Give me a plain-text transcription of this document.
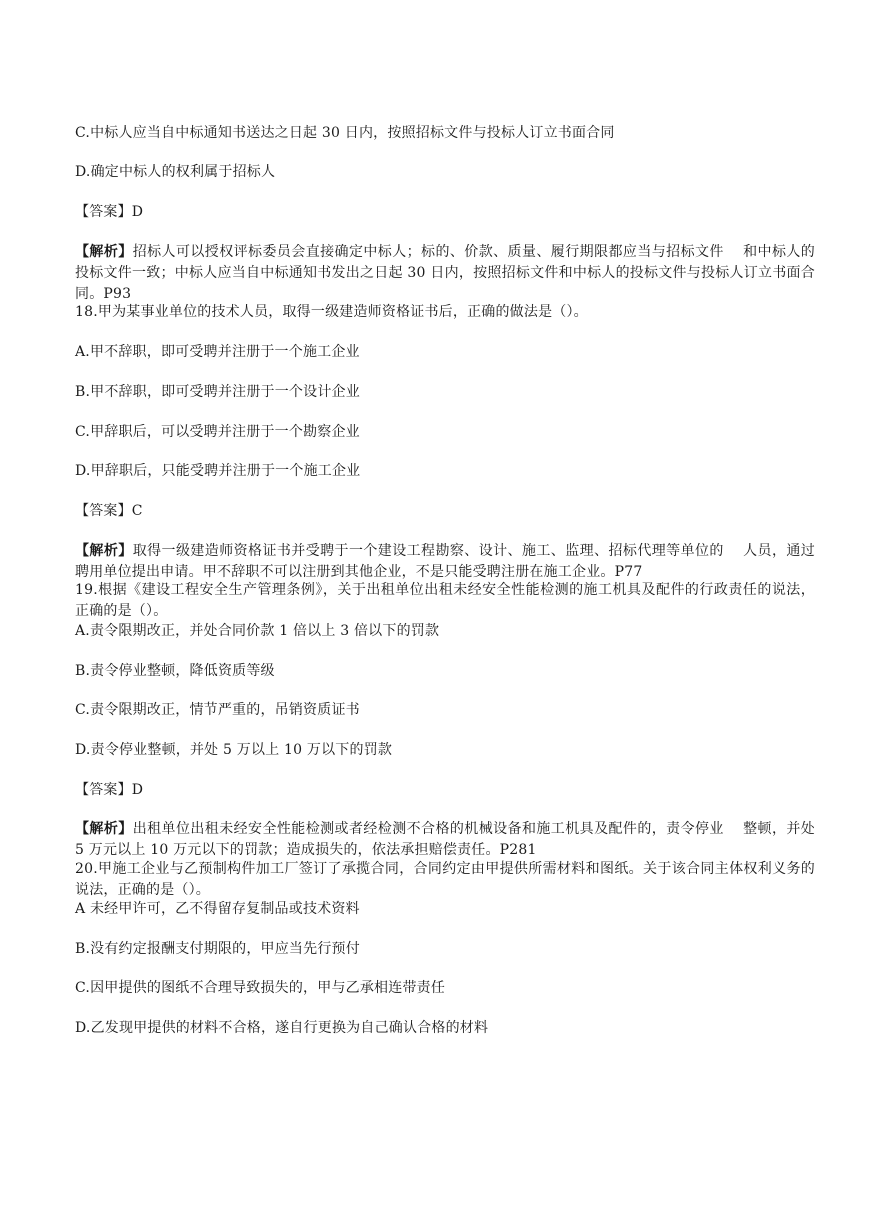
C.中标人应当自中标通知书送达之日起 30 日内，按照招标文件与投标人订立书面合同
D.确定中标人的权利属于招标人
【答案】D
【解析】招标人可以授权评标委员会直接确定中标人；标的、价款、质量、履行期限都应当与招标文件　 和中标人的投标文件一致；中标人应当自中标通知书发出之日起 30 日内，按照招标文件和中标人的投标文件与投标人订立书面合同。P93
18.甲为某事业单位的技术人员，取得一级建造师资格证书后，正确的做法是（）。
A.甲不辞职，即可受聘并注册于一个施工企业
B.甲不辞职，即可受聘并注册于一个设计企业
C.甲辞职后，可以受聘并注册于一个勘察企业
D.甲辞职后，只能受聘并注册于一个施工企业
【答案】C
【解析】取得一级建造师资格证书并受聘于一个建设工程勘察、设计、施工、监理、招标代理等单位的　 人员，通过聘用单位提出申请。甲不辞职不可以注册到其他企业，不是只能受聘注册在施工企业。P77
19.根据《建设工程安全生产管理条例》，关于出租单位出租未经安全性能检测的施工机具及配件的行政责任的说法，正确的是（）。
A.责令限期改正，并处合同价款 1 倍以上 3 倍以下的罚款
B.责令停业整顿，降低资质等级
C.责令限期改正，情节严重的，吊销资质证书
D.责令停业整顿，并处 5 万以上 10 万以下的罚款
【答案】D
【解析】出租单位出租未经安全性能检测或者经检测不合格的机械设备和施工机具及配件的，责令停业　 整顿，并处 5 万元以上 10 万元以下的罚款；造成损失的，依法承担赔偿责任。P281
20.甲施工企业与乙预制构件加工厂签订了承揽合同，合同约定由甲提供所需材料和图纸。关于该合同主体权利义务的说法，正确的是（）。
A 未经甲许可，乙不得留存复制品或技术资料
B.没有约定报酬支付期限的，甲应当先行预付
C.因甲提供的图纸不合理导致损失的，甲与乙承相连带责任
D.乙发现甲提供的材料不合格，遂自行更换为自己确认合格的材料
